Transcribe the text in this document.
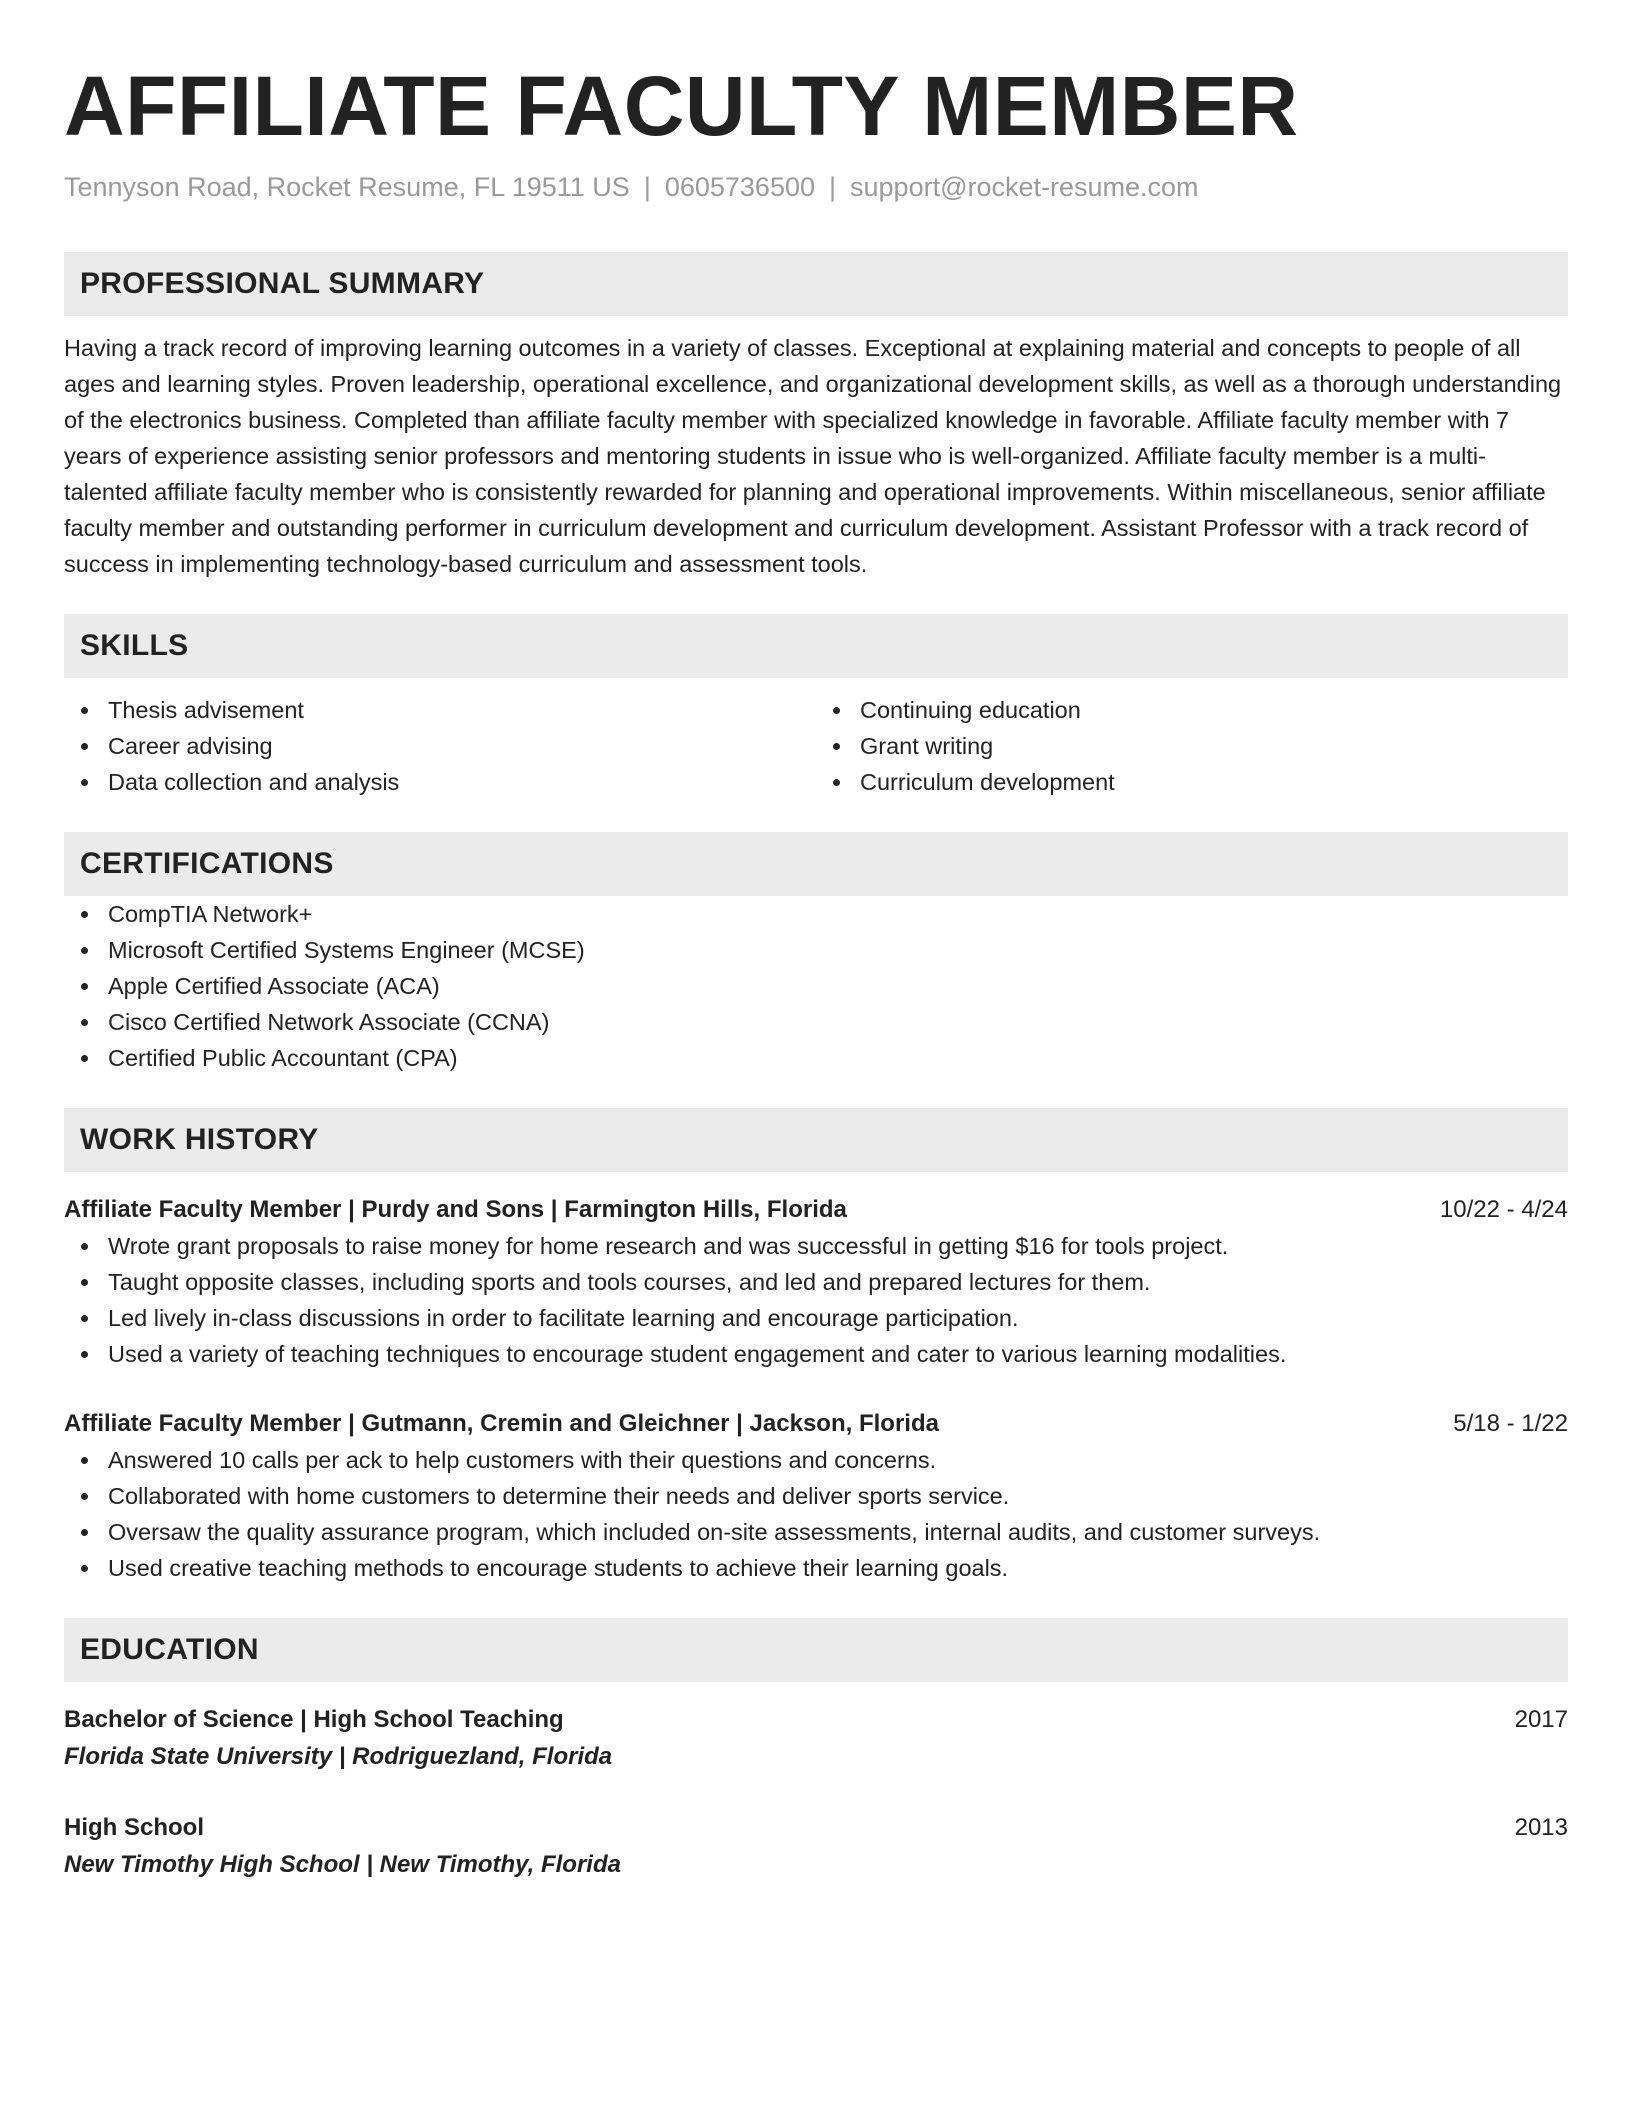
AFFILIATE FACULTY MEMBER
Tennyson Road, Rocket Resume, FL 19511 US | 0605736500 | support@rocket-resume.com
PROFESSIONAL SUMMARY

Having a track record of improving learning outcomes in a variety of classes. Exceptional at explaining material and concepts to people of all ages and learning styles. Proven leadership, operational excellence, and organizational development skills, as well as a thorough understanding of the electronics business. Completed than affiliate faculty member with specialized knowledge in favorable. Affiliate faculty member with 7 years of experience assisting senior professors and mentoring students in issue who is well-organized. Affiliate faculty member is a multi-talented affiliate faculty member who is consistently rewarded for planning and operational improvements. Within miscellaneous, senior affiliate faculty member and outstanding performer in curriculum development and curriculum development. Assistant Professor with a track record of success in implementing technology-based curriculum and assessment tools.

SKILLS
Thesis advisement
Career advising
Data collection and analysis
Continuing education
Grant writing
Curriculum development
CERTIFICATIONS
CompTIA Network+
Microsoft Certified Systems Engineer (MCSE)
Apple Certified Associate (ACA)
Cisco Certified Network Associate (CCNA)
Certified Public Accountant (CPA)
WORK HISTORY
Affiliate Faculty Member | Purdy and Sons | Farmington Hills, Florida	10/22 - 4/24
Wrote grant proposals to raise money for home research and was successful in getting $16 for tools project.
Taught opposite classes, including sports and tools courses, and led and prepared lectures for them.
Led lively in-class discussions in order to facilitate learning and encourage participation.
Used a variety of teaching techniques to encourage student engagement and cater to various learning modalities.
Affiliate Faculty Member | Gutmann, Cremin and Gleichner | Jackson, Florida	5/18 - 1/22
Answered 10 calls per ack to help customers with their questions and concerns.
Collaborated with home customers to determine their needs and deliver sports service.
Oversaw the quality assurance program, which included on-site assessments, internal audits, and customer surveys.
Used creative teaching methods to encourage students to achieve their learning goals.
EDUCATION
Bachelor of Science | High School Teaching	2017
Florida State University | Rodriguezland, Florida
High School	2013
New Timothy High School | New Timothy, Florida
